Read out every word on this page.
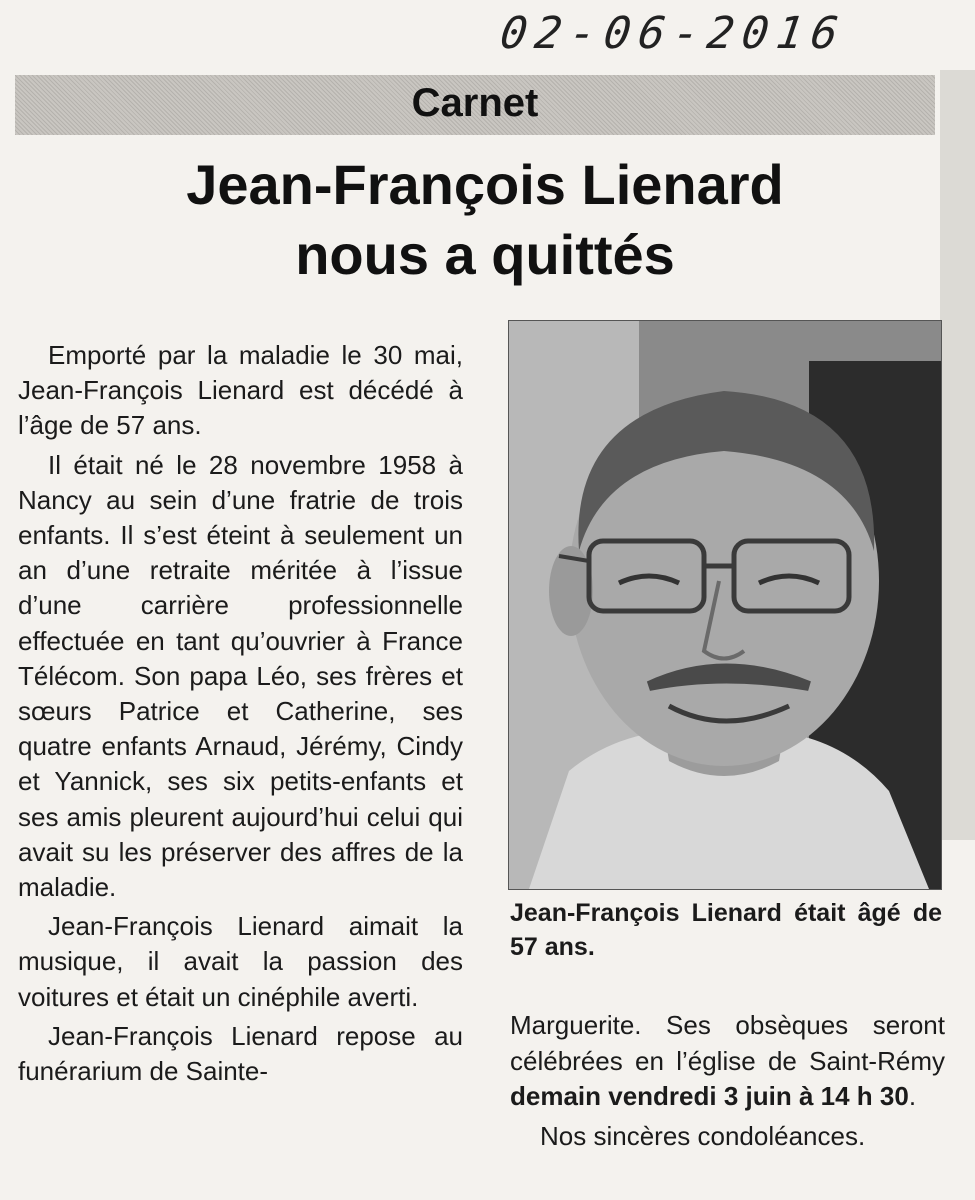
02-06-2016
Carnet
Jean-François Lienard
nous a quittés

Emporté par la maladie le 30 mai, Jean-François Lienard est décédé à l’âge de 57 ans.

Il était né le 28 novembre 1958 à Nancy au sein d’une fratrie de trois enfants. Il s’est éteint à seulement un an d’une retraite méritée à l’issue d’une carrière professionnelle effectuée en tant qu’ouvrier à France Télécom. Son papa Léo, ses frères et sœurs Patrice et Catherine, ses quatre enfants Arnaud, Jérémy, Cindy et Yannick, ses six petits-enfants et ses amis pleurent aujourd’hui celui qui avait su les préserver des affres de la maladie.

Jean-François Lienard aimait la musique, il avait la passion des voitures et était un cinéphile averti.

Jean-François Lienard repose au funérarium de Sainte-

Jean-François Lienard était âgé de 57 ans.

Marguerite. Ses obsèques seront célébrées en l’église de Saint-Rémy demain vendredi 3 juin à 14 h 30.

Nos sincères condoléances.
